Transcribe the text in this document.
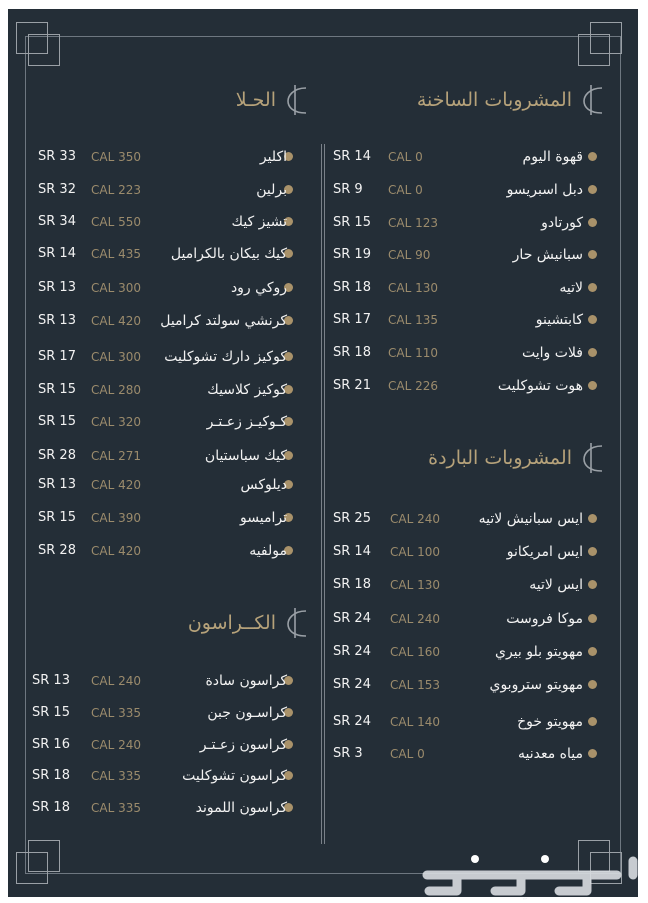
المشروبات الساخنة
الحـلا
المشروبات الباردة
الكــراسون
قهوة اليوم
CAL 0
SR 14
دبل اسبريسو
CAL 0
SR 9
كورتادو
CAL 123
SR 15
سبانيش حار
CAL 90
SR 19
لاتيه
CAL 130
SR 18
كابتشينو
CAL 135
SR 17
فلات وايت
CAL 110
SR 18
هوت تشوكليت
CAL 226
SR 21
ايس سبانيش لاتيه
CAL 240
SR 25
ايس امريكانو
CAL 100
SR 14
ايس لاتيه
CAL 130
SR 18
موكا فروست
CAL 240
SR 24
مهويتو بلو بيري
CAL 160
SR 24
مهويتو ستروبوي
CAL 153
SR 24
مهويتو خوخ
CAL 140
SR 24
مياه معدنيه
CAL 0
SR 3
اكلير
CAL 350
SR 33
برلين
CAL 223
SR 32
تشيز كيك
CAL 550
SR 34
كيك بيكان بالكراميل
CAL 435
SR 14
روكي رود
CAL 300
SR 13
كرنشي سولتد كراميل
CAL 420
SR 13
كوكيز دارك تشوكليت
CAL 300
SR 17
كوكيز كلاسيك
CAL 280
SR 15
كـوكيـز زعـتـر
CAL 320
SR 15
كيك سباستيان
CAL 271
SR 28
ديلوكس
CAL 420
SR 13
ترامیسو
CAL 390
SR 15
مولفيه
CAL 420
SR 28
كراسون سادة
CAL 240
SR 13
كراسـون جبن
CAL 335
SR 15
كراسون زعـتـر
CAL 240
SR 16
كراسون تشوكليت
CAL 335
SR 18
كراسون اللموند
CAL 335
SR 18
حراج
